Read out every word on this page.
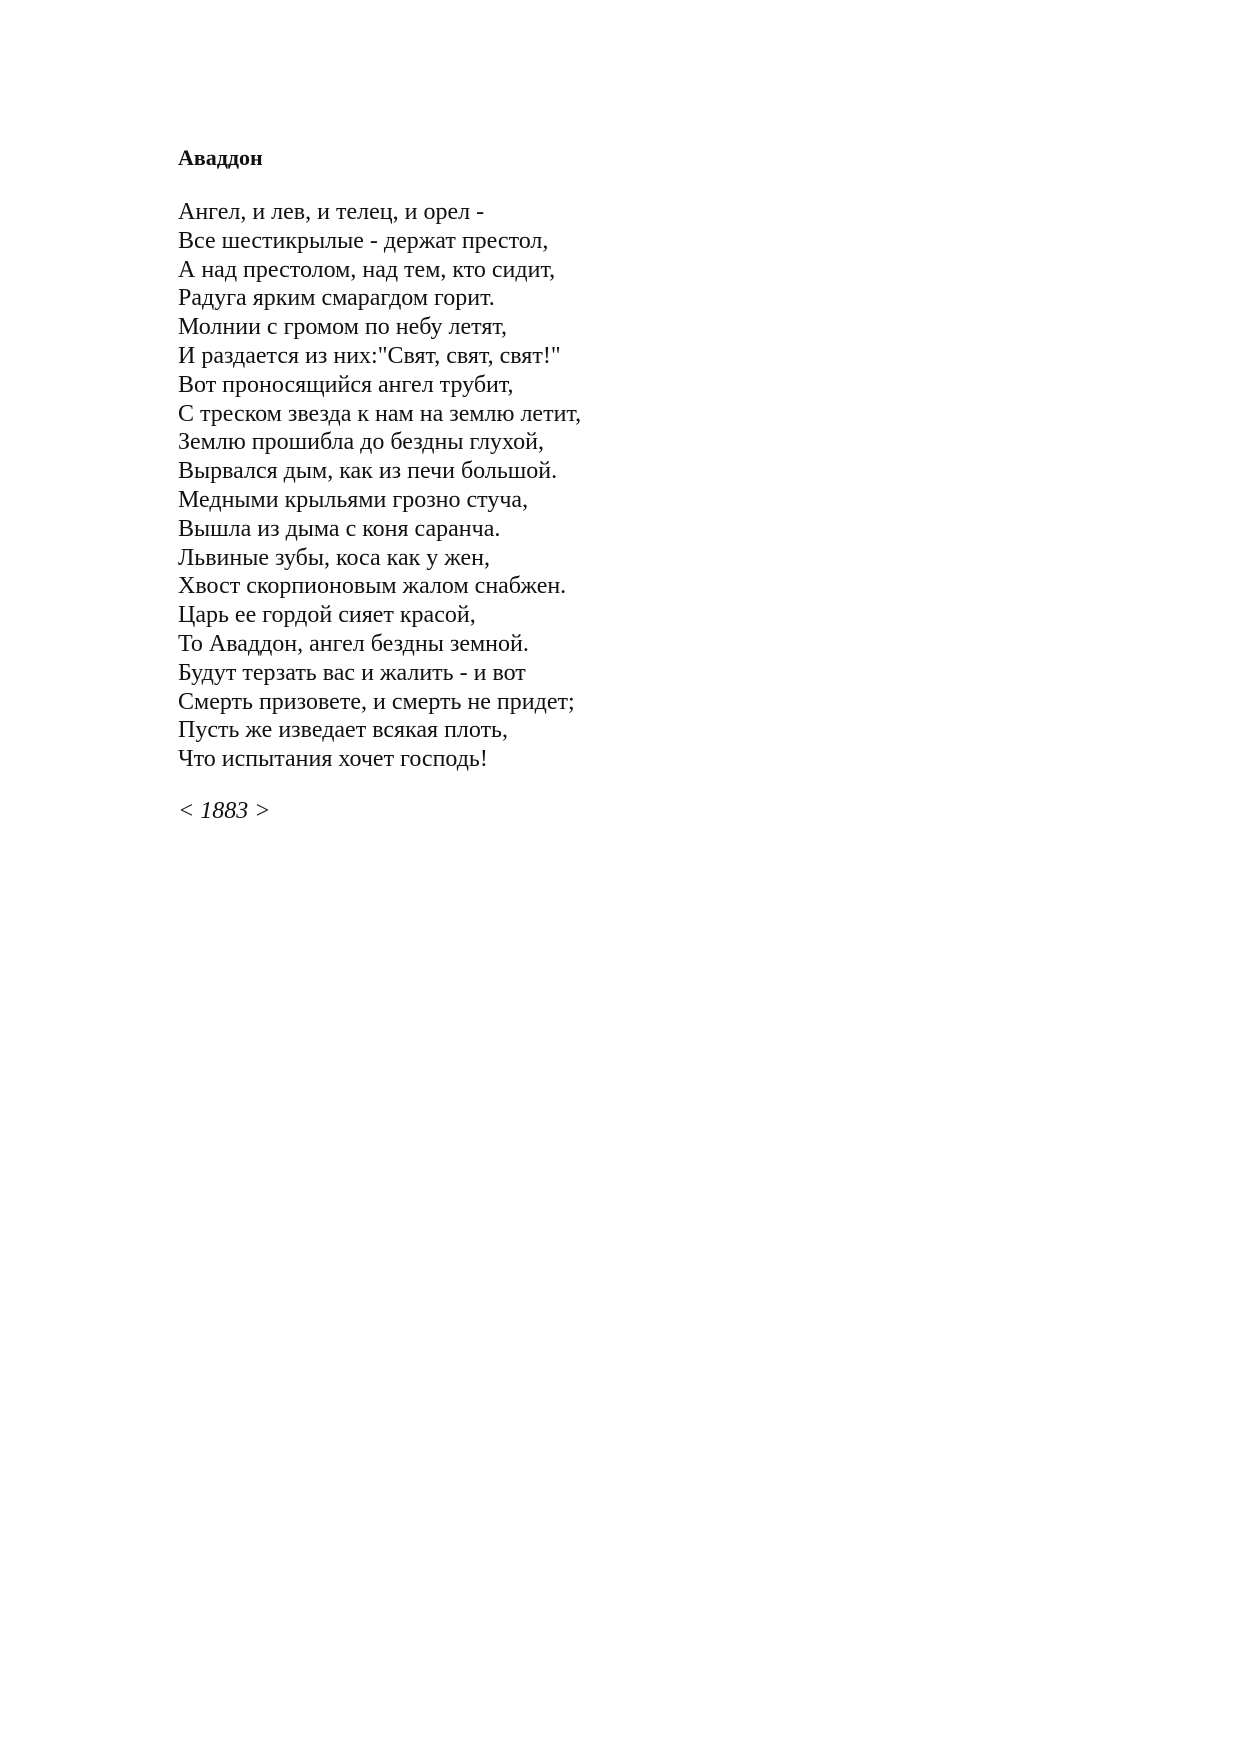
Аваддон
Ангел, и лев, и телец, и орел -
Все шестикрылые - держат престол,
А над престолом, над тем, кто сидит,
Радуга ярким смарагдом горит.
Молнии с громом по небу летят,
И раздается из них:"Свят, свят, свят!"
Вот проносящийся ангел трубит,
С треском звезда к нам на землю летит,
Землю прошибла до бездны глухой,
Вырвался дым, как из печи большой.
Медными крыльями грозно стуча,
Вышла из дыма с коня саранча.
Львиные зубы, коса как у жен,
Хвост скорпионовым жалом снабжен.
Царь ее гордой сияет красой,
То Аваддон, ангел бездны земной.
Будут терзать вас и жалить - и вот
Смерть призовете, и смерть не придет;
Пусть же изведает всякая плоть,
Что испытания хочет господь!
< 1883 >
